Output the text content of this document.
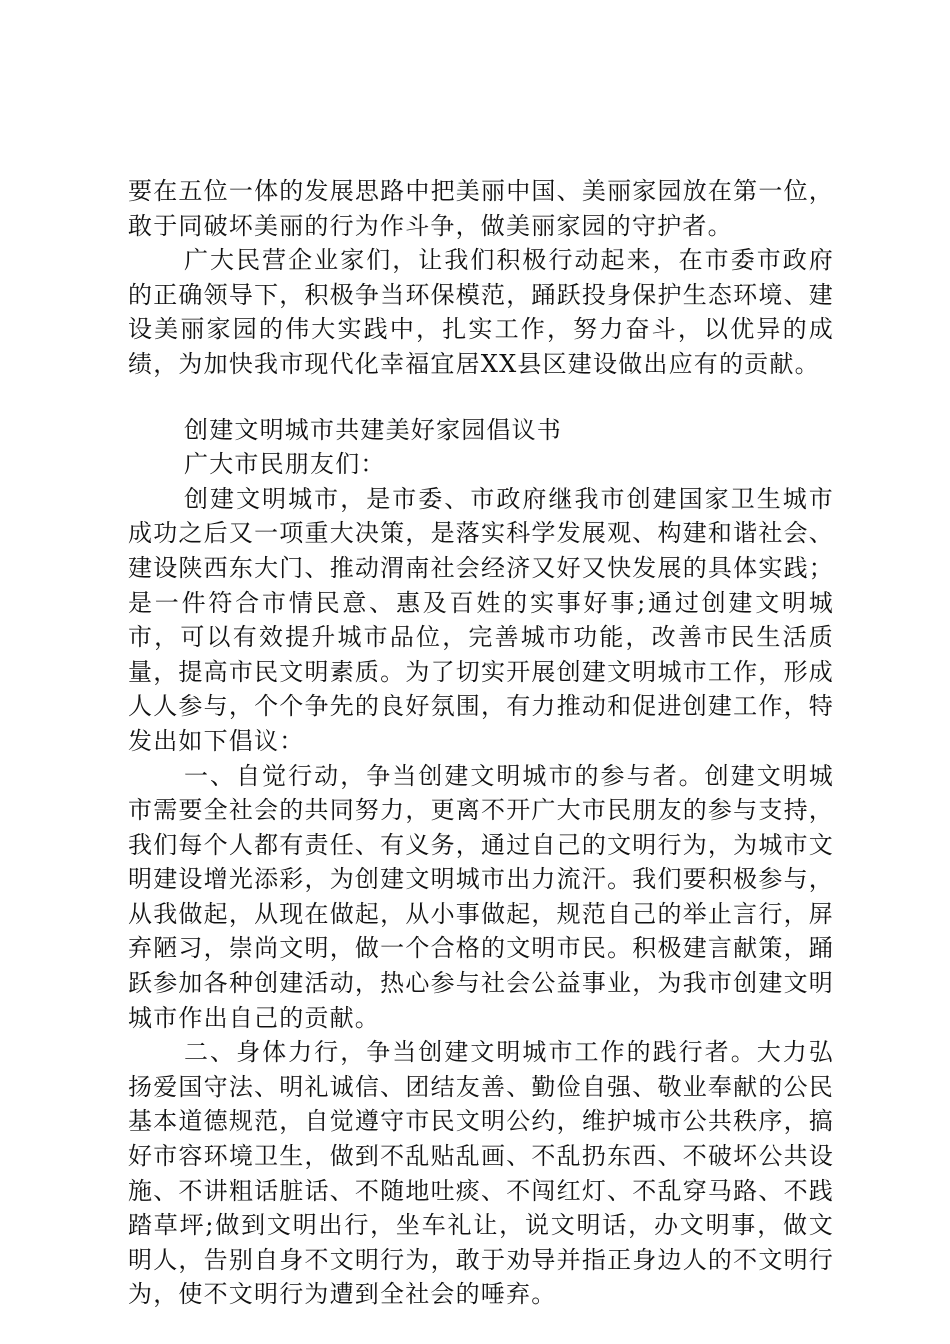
要在五位一体的发展思路中把美丽中国、美丽家园放在第一位，敢于同破坏美丽的行为作斗争，做美丽家园的守护者。

广大民营企业家们，让我们积极行动起来，在市委市政府的正确领导下，积极争当环保模范，踊跃投身保护生态环境、建设美丽家园的伟大实践中，扎实工作，努力奋斗，以优异的成绩，为加快我市现代化幸福宜居XX县区建设做出应有的贡献。

创建文明城市共建美好家园倡议书

广大市民朋友们：

创建文明城市，是市委、市政府继我市创建国家卫生城市成功之后又一项重大决策，是落实科学发展观、构建和谐社会、建设陕西东大门、推动渭南社会经济又好又快发展的具体实践；是一件符合市情民意、惠及百姓的实事好事;通过创建文明城市，可以有效提升城市品位，完善城市功能，改善市民生活质量，提高市民文明素质。为了切实开展创建文明城市工作，形成人人参与，个个争先的良好氛围，有力推动和促进创建工作，特发出如下倡议：

一、自觉行动，争当创建文明城市的参与者。创建文明城市需要全社会的共同努力，更离不开广大市民朋友的参与支持，我们每个人都有责任、有义务，通过自己的文明行为，为城市文明建设增光添彩，为创建文明城市出力流汗。我们要积极参与，从我做起，从现在做起，从小事做起，规范自己的举止言行，屏弃陋习，崇尚文明，做一个合格的文明市民。积极建言献策，踊跃参加各种创建活动，热心参与社会公益事业，为我市创建文明城市作出自己的贡献。

二、身体力行，争当创建文明城市工作的践行者。大力弘扬爱国守法、明礼诚信、团结友善、勤俭自强、敬业奉献的公民基本道德规范，自觉遵守市民文明公约，维护城市公共秩序，搞好市容环境卫生，做到不乱贴乱画、不乱扔东西、不破坏公共设施、不讲粗话脏话、不随地吐痰、不闯红灯、不乱穿马路、不践踏草坪;做到文明出行，坐车礼让，说文明话，办文明事，做文明人，告别自身不文明行为，敢于劝导并指正身边人的不文明行为，使不文明行为遭到全社会的唾弃。
